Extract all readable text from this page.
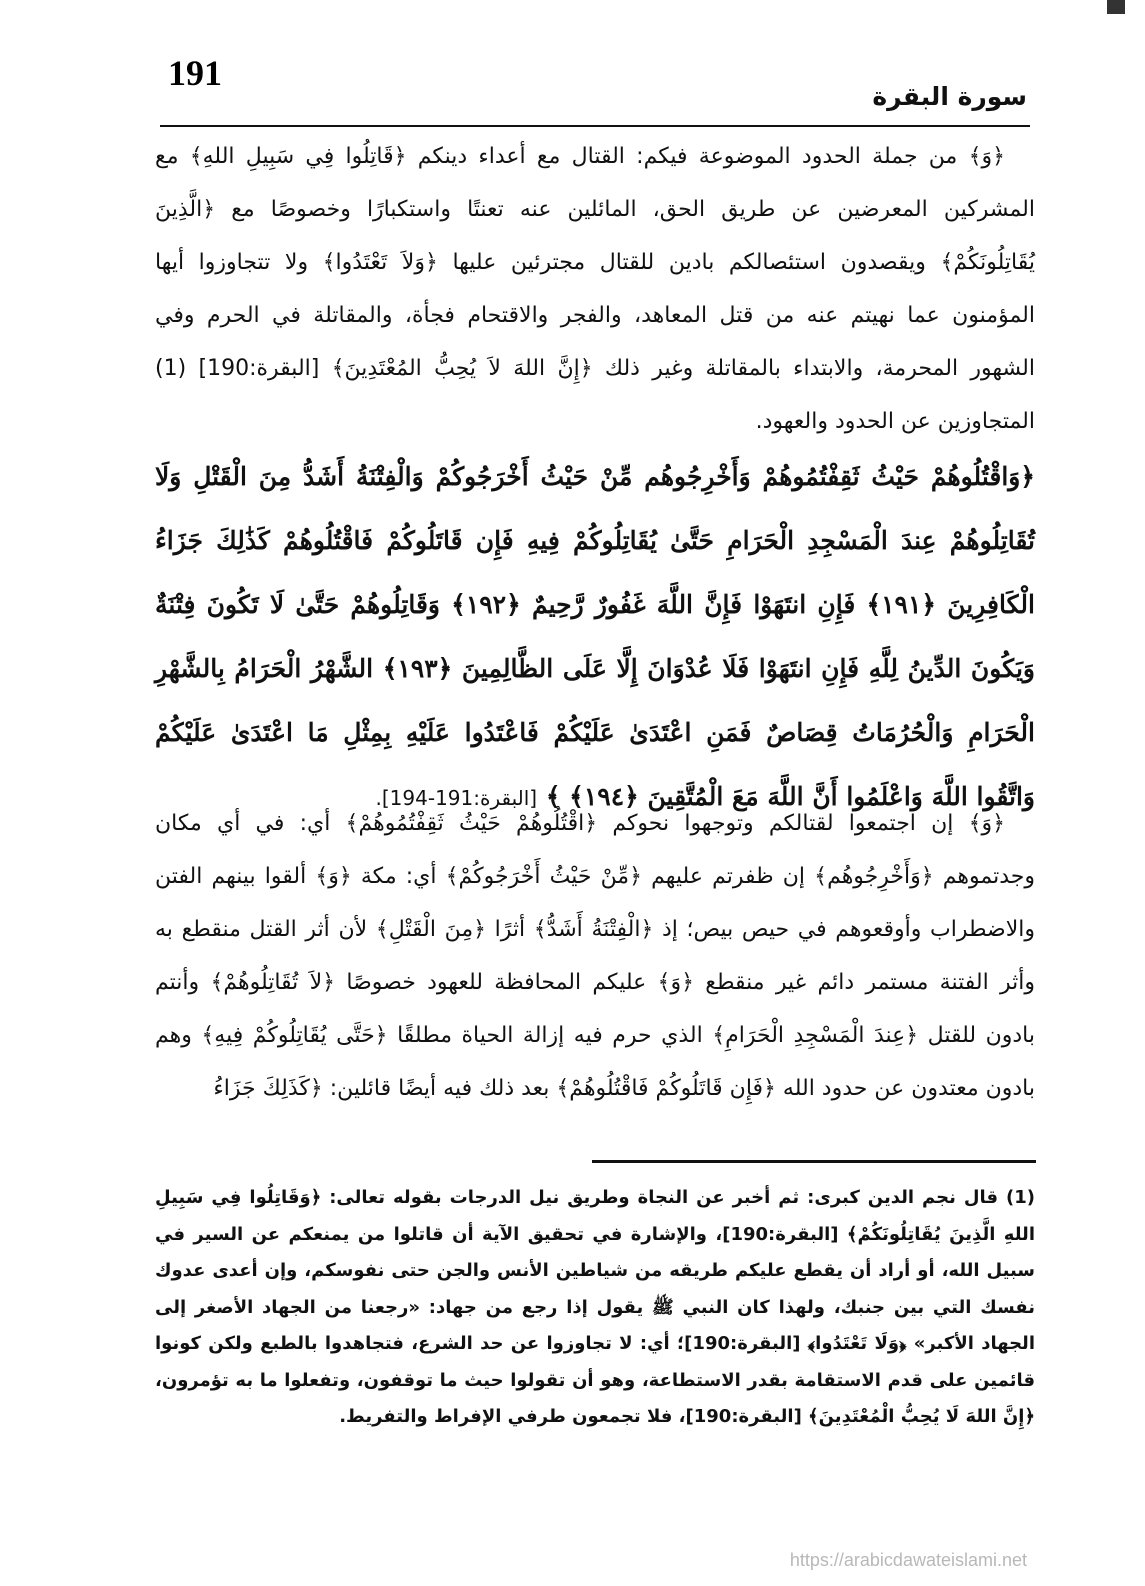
191
سورة البقرة

﴿وَ﴾ من جملة الحدود الموضوعة فيكم: القتال مع أعداء دينكم ﴿قَاتِلُوا فِي سَبِيلِ اللهِ﴾ مع المشركين المعرضين عن طريق الحق، المائلين عنه تعنتًا واستكبارًا وخصوصًا مع ﴿الَّذِينَ يُقَاتِلُونَكُمْ﴾ ويقصدون استئصالكم بادين للقتال مجترئين عليها ﴿وَلاَ تَعْتَدُوا﴾ ولا تتجاوزوا أيها المؤمنون عما نهيتم عنه من قتل المعاهد، والفجر والاقتحام فجأة، والمقاتلة في الحرم وفي الشهور المحرمة، والابتداء بالمقاتلة وغير ذلك ﴿إِنَّ اللهَ لاَ يُحِبُّ المُعْتَدِينَ﴾ [البقرة:190] (1) المتجاوزين عن الحدود والعهود.

﴿وَاقْتُلُوهُمْ حَيْثُ ثَقِفْتُمُوهُمْ وَأَخْرِجُوهُم مِّنْ حَيْثُ أَخْرَجُوكُمْ وَالْفِتْنَةُ أَشَدُّ مِنَ الْقَتْلِ وَلَا تُقَاتِلُوهُمْ عِندَ الْمَسْجِدِ الْحَرَامِ حَتَّىٰ يُقَاتِلُوكُمْ فِيهِ فَإِن قَاتَلُوكُمْ فَاقْتُلُوهُمْ كَذَٰلِكَ جَزَاءُ الْكَافِرِينَ ﴿١٩١﴾ فَإِنِ انتَهَوْا فَإِنَّ اللَّهَ غَفُورٌ رَّحِيمٌ ﴿١٩٢﴾ وَقَاتِلُوهُمْ حَتَّىٰ لَا تَكُونَ فِتْنَةٌ وَيَكُونَ الدِّينُ لِلَّهِ فَإِنِ انتَهَوْا فَلَا عُدْوَانَ إِلَّا عَلَى الظَّالِمِينَ ﴿١٩٣﴾ الشَّهْرُ الْحَرَامُ بِالشَّهْرِ الْحَرَامِ وَالْحُرُمَاتُ قِصَاصٌ فَمَنِ اعْتَدَىٰ عَلَيْكُمْ فَاعْتَدُوا عَلَيْهِ بِمِثْلِ مَا اعْتَدَىٰ عَلَيْكُمْ وَاتَّقُوا اللَّهَ وَاعْلَمُوا أَنَّ اللَّهَ مَعَ الْمُتَّقِينَ ﴿١٩٤﴾ ﴾ [البقرة:191-194].

﴿وَ﴾ إن اجتمعوا لقتالكم وتوجهوا نحوكم ﴿اقْتُلُوهُمْ حَيْثُ ثَقِفْتُمُوهُمْ﴾ أي: في أي مكان وجدتموهم ﴿وَأَخْرِجُوهُم﴾ إن ظفرتم عليهم ﴿مِّنْ حَيْثُ أَخْرَجُوكُمْ﴾ أي: مكة ﴿وَ﴾ ألقوا بينهم الفتن والاضطراب وأوقعوهم في حيص بيص؛ إذ ﴿الْفِتْنَةُ أَشَدُّ﴾ أثرًا ﴿مِنَ الْقَتْلِ﴾ لأن أثر القتل منقطع به وأثر الفتنة مستمر دائم غير منقطع ﴿وَ﴾ عليكم المحافظة للعهود خصوصًا ﴿لاَ تُقَاتِلُوهُمْ﴾ وأنتم بادون للقتل ﴿عِندَ الْمَسْجِدِ الْحَرَامِ﴾ الذي حرم فيه إزالة الحياة مطلقًا ﴿حَتَّى يُقَاتِلُوكُمْ فِيهِ﴾ وهم بادون معتدون عن حدود الله ﴿فَإِن قَاتَلُوكُمْ فَاقْتُلُوهُمْ﴾ بعد ذلك فيه أيضًا قائلين: ﴿كَذَلِكَ جَزَاءُ

(1) قال نجم الدين كبرى: ثم أخبر عن النجاة وطريق نيل الدرجات بقوله تعالى: ﴿وَقَاتِلُوا فِي سَبِيلِ اللهِ الَّذِينَ يُقَاتِلُونَكُمْ﴾ [البقرة:190]، والإشارة في تحقيق الآية أن قاتلوا من يمنعكم عن السير في سبيل الله، أو أراد أن يقطع عليكم طريقه من شياطين الأنس والجن حتى نفوسكم، وإن أعدى عدوك نفسك التي بين جنبك، ولهذا كان النبي ﷺ يقول إذا رجع من جهاد: «رجعنا من الجهاد الأصغر إلى الجهاد الأكبر» ﴿وَلَا تَعْتَدُوا﴾ [البقرة:190]؛ أي: لا تجاوزوا عن حد الشرع، فتجاهدوا بالطبع ولكن كونوا قائمين على قدم الاستقامة بقدر الاستطاعة، وهو أن تقولوا حيث ما توقفون، وتفعلوا ما به تؤمرون، ﴿إِنَّ اللهَ لَا يُحِبُّ الْمُعْتَدِينَ﴾ [البقرة:190]، فلا تجمعون طرفي الإفراط والتفريط.

https://arabicdawateislami.net
